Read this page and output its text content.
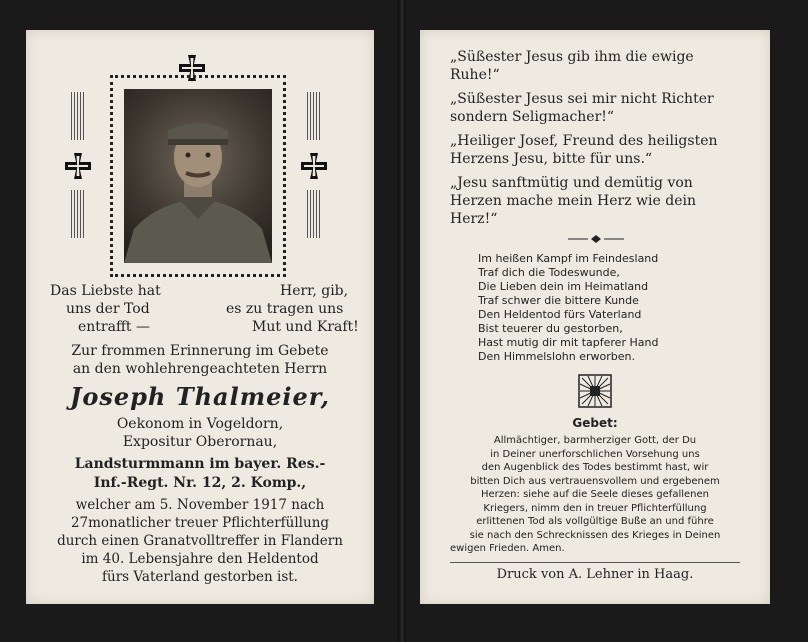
Das Liebste hat
uns der Tod
entrafft —
Herr, gib,
es zu tragen uns
Mut und Kraft!
Zur frommen Erinnerung im Gebete
an den wohlehrengeachteten Herrn
Joseph Thalmeier,
Oekonom in Vogeldorn,
Expositur Oberornau,
Landsturmmann im bayer. Res.-
Inf.-Regt. Nr. 12, 2. Komp.,
welcher am 5. November 1917 nach
27monatlicher treuer Pflichterfüllung
durch einen Granatvolltreffer in Flandern
im 40. Lebensjahre den Heldentod
fürs Vaterland gestorben ist.
„Süßester Jesus gib ihm die ewige
Ruhe!“
„Süßester Jesus sei mir nicht Richter
sondern Seligmacher!“
„Heiliger Josef, Freund des heiligsten
Herzens Jesu, bitte für uns.“
„Jesu sanftmütig und demütig von
Herzen mache mein Herz wie dein
Herz!“
Im heißen Kampf im Feindesland
Traf dich die Todeswunde,
Die Lieben dein im Heimatland
Traf schwer die bittere Kunde
Den Heldentod fürs Vaterland
Bist teuerer du gestorben,
Hast mutig dir mit tapferer Hand
Den Himmelslohn erworben.
Gebet:
Allmächtiger, barmherziger Gott, der Du
in Deiner unerforschlichen Vorsehung uns
den Augenblick des Todes bestimmt hast, wir
bitten Dich aus vertrauensvollem und ergebenem
Herzen: siehe auf die Seele dieses gefallenen
Kriegers, nimm den in treuer Pflichterfüllung
erlittenen Tod als vollgültige Buße an und führe
sie nach den Schrecknissen des Krieges in Deinen
ewigen Frieden. Amen.
Druck von A. Lehner in Haag.
